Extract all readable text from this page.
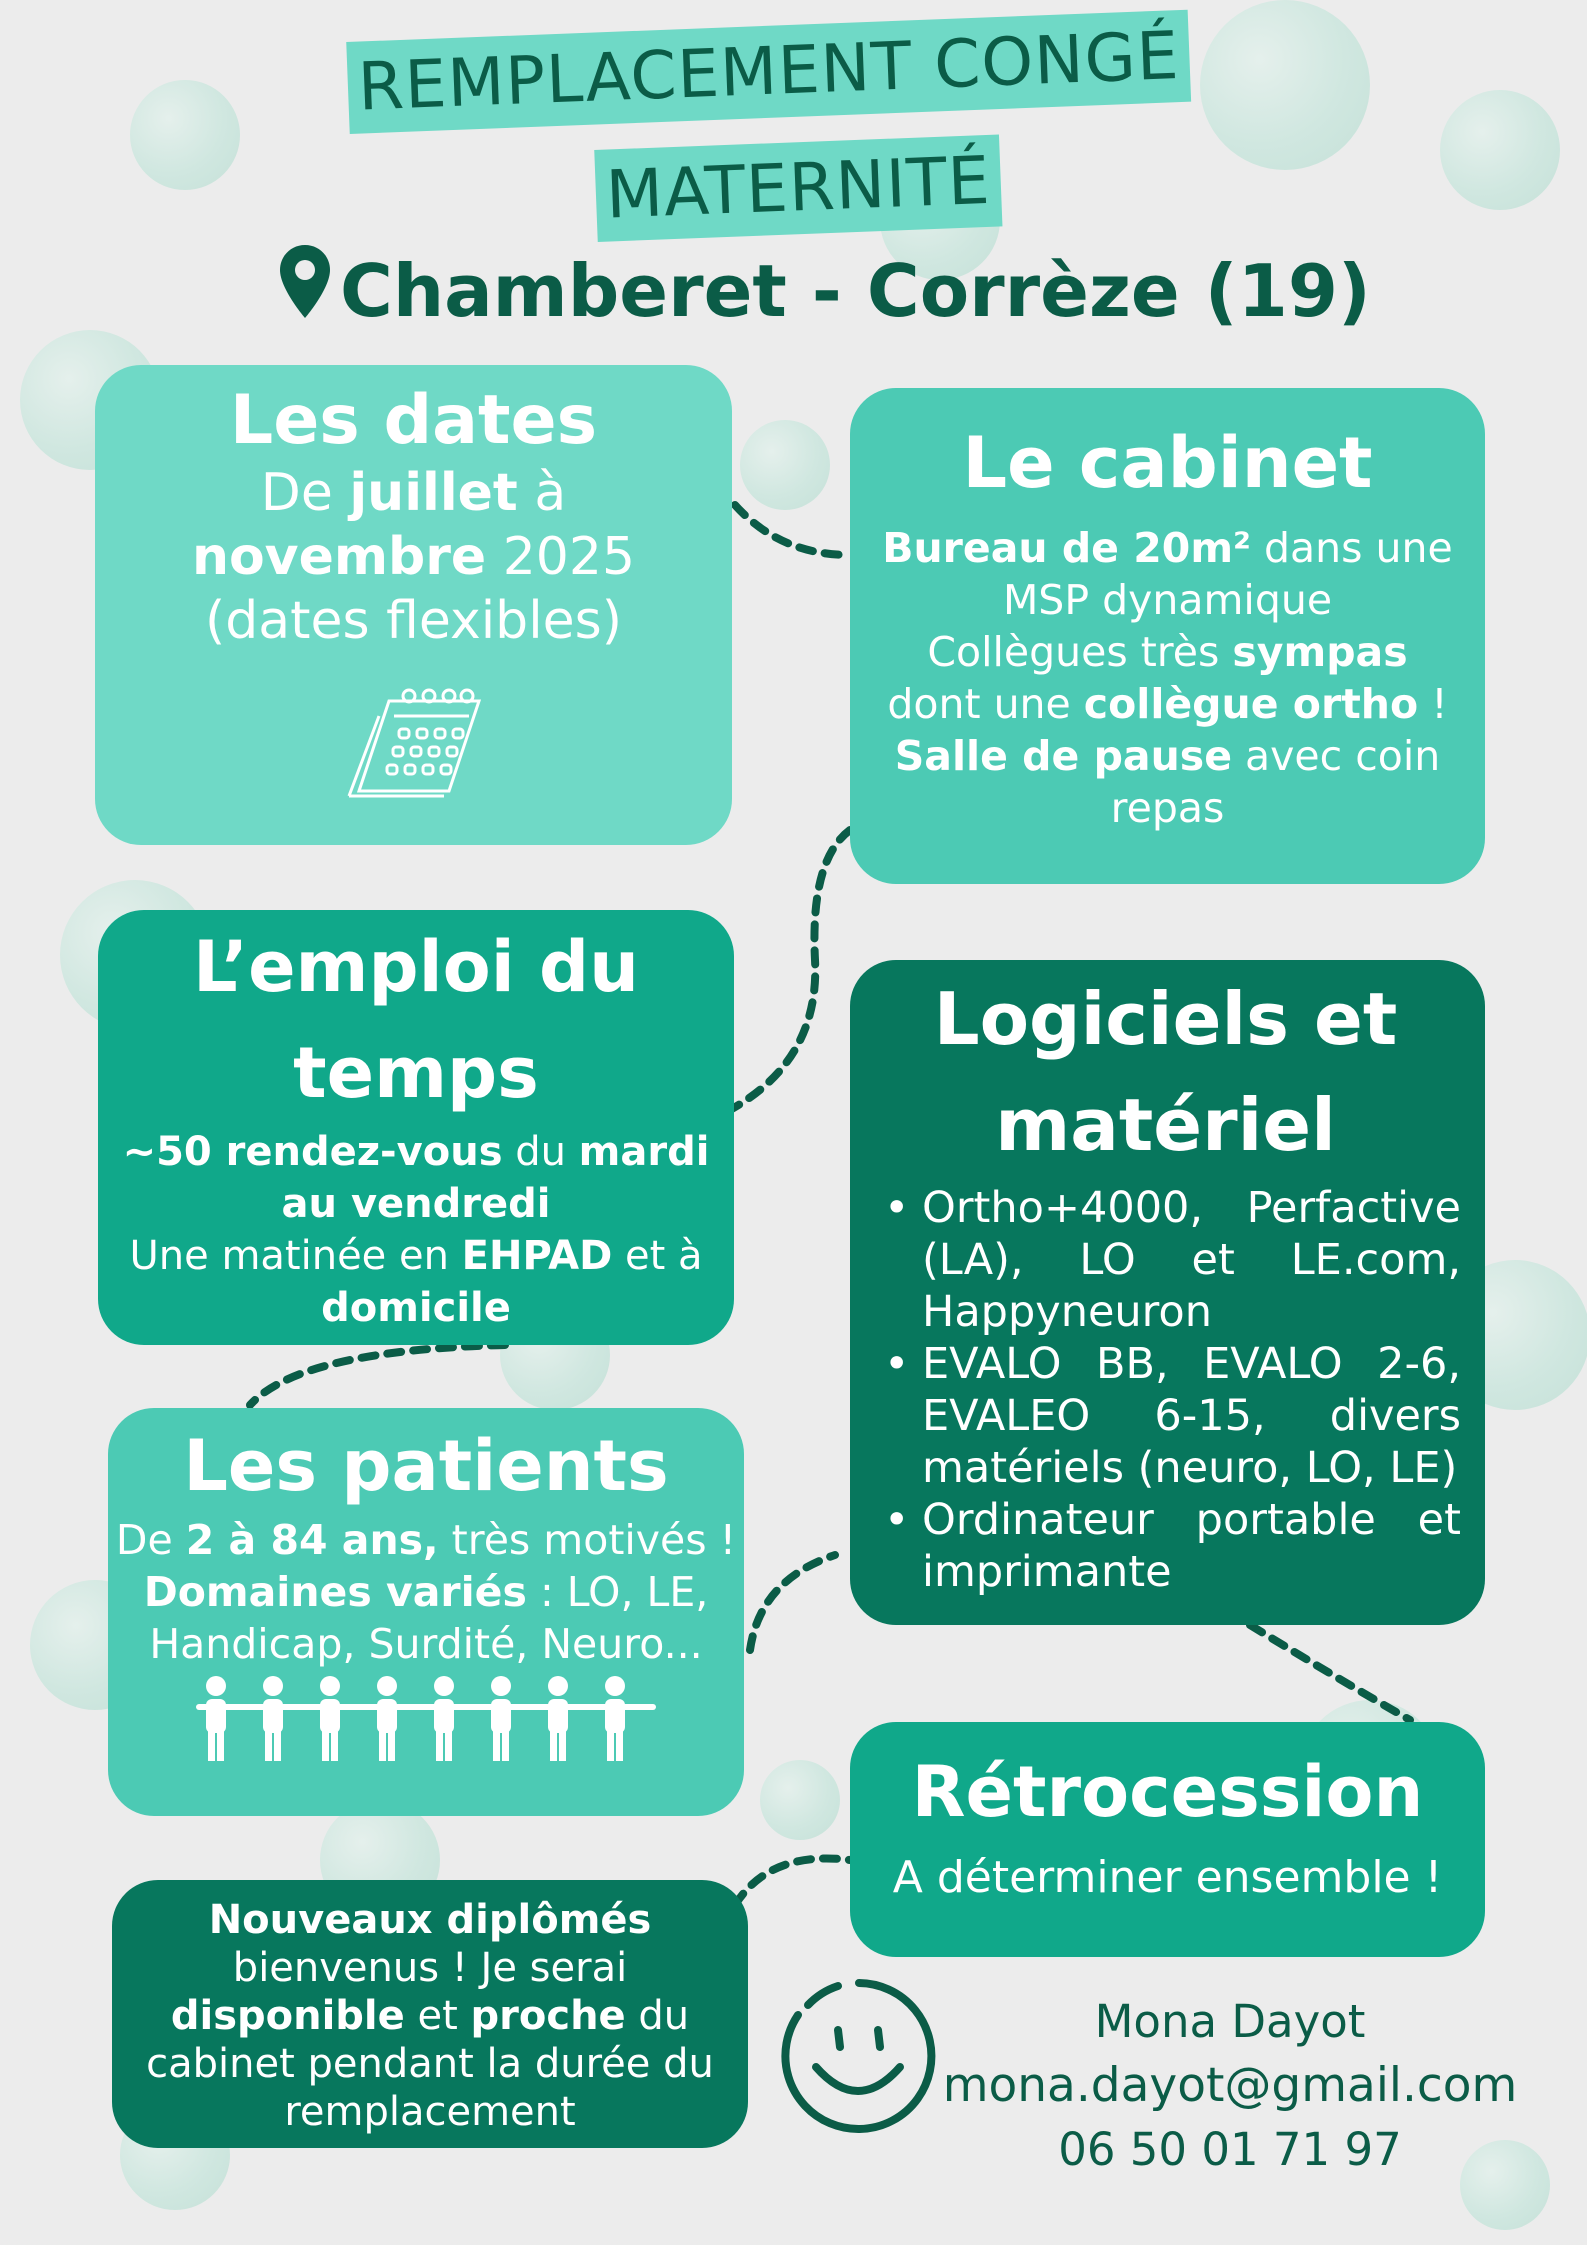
REMPLACEMENT CONGÉ
MATERNITÉ
Chamberet - Corrèze (19)
Les dates

De juillet à
novembre 2025
(dates flexibles)

Le cabinet

Bureau de 20m² dans une MSP dynamique
Collègues très sympas
dont une collègue ortho !
Salle de pause avec coin repas

L’emploi du temps

~50 rendez-vous du mardi au vendredi
Une matinée en EHPAD et à domicile

Logiciels et matériel
• Ortho+4000, Perfactive (LA), LO et LE.com, Happyneuron
• EVALO BB, EVALO 2-6, EVALEO 6-15, divers matériels (neuro, LO, LE)
• Ordinateur portable et imprimante
Les patients

De 2 à 84 ans, très motivés !
Domaines variés : LO, LE, Handicap, Surdité, Neuro...

Rétrocession

A déterminer ensemble !

Nouveaux diplômés bienvenus ! Je serai disponible et proche du cabinet pendant la durée du remplacement

Mona Dayot
mona.dayot@gmail.com
06 50 01 71 97
